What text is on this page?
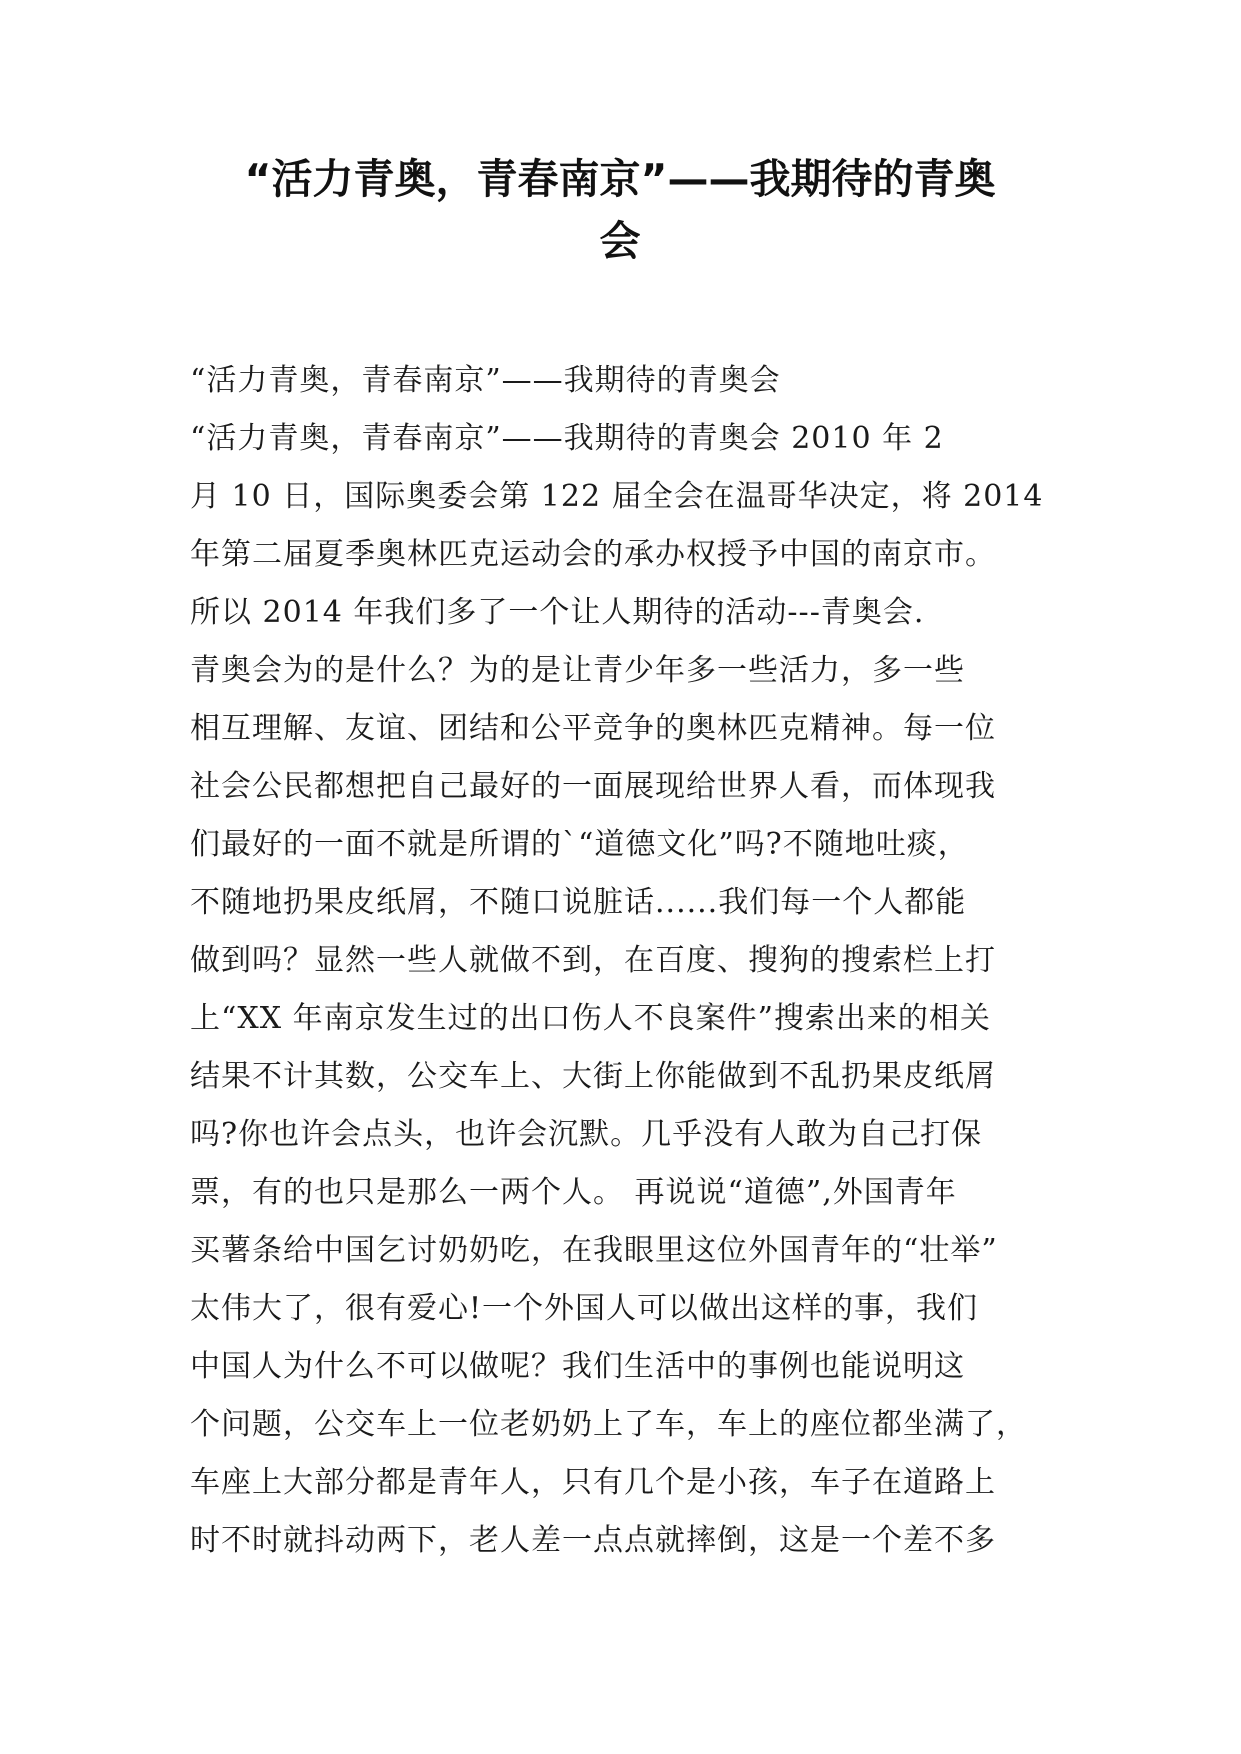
“活力青奥，青春南京”——我期待的青奥
会
“活力青奥，青春南京”——我期待的青奥会
“活力青奥，青春南京”——我期待的青奥会 2010 年 2
月 10 日，国际奥委会第 122 届全会在温哥华决定，将 2014
年第二届夏季奥林匹克运动会的承办权授予中国的南京市。
所以 2014 年我们多了一个让人期待的活动---青奥会.
青奥会为的是什么？为的是让青少年多一些活力，多一些
相互理解、友谊、团结和公平竞争的奥林匹克精神。每一位
社会公民都想把自己最好的一面展现给世界人看，而体现我
们最好的一面不就是所谓的`“道德文化”吗?不随地吐痰，
不随地扔果皮纸屑，不随口说脏话......我们每一个人都能
做到吗？显然一些人就做不到，在百度、搜狗的搜索栏上打
上“XX 年南京发生过的出口伤人不良案件”搜索出来的相关
结果不计其数，公交车上、大街上你能做到不乱扔果皮纸屑
吗?你也许会点头，也许会沉默。几乎没有人敢为自己打保
票，有的也只是那么一两个人。 再说说“道德”,外国青年
买薯条给中国乞讨奶奶吃，在我眼里这位外国青年的“壮举”
太伟大了，很有爱心!一个外国人可以做出这样的事，我们
中国人为什么不可以做呢？我们生活中的事例也能说明这
个问题，公交车上一位老奶奶上了车，车上的座位都坐满了，
车座上大部分都是青年人，只有几个是小孩，车子在道路上
时不时就抖动两下，老人差一点点就摔倒，这是一个差不多
